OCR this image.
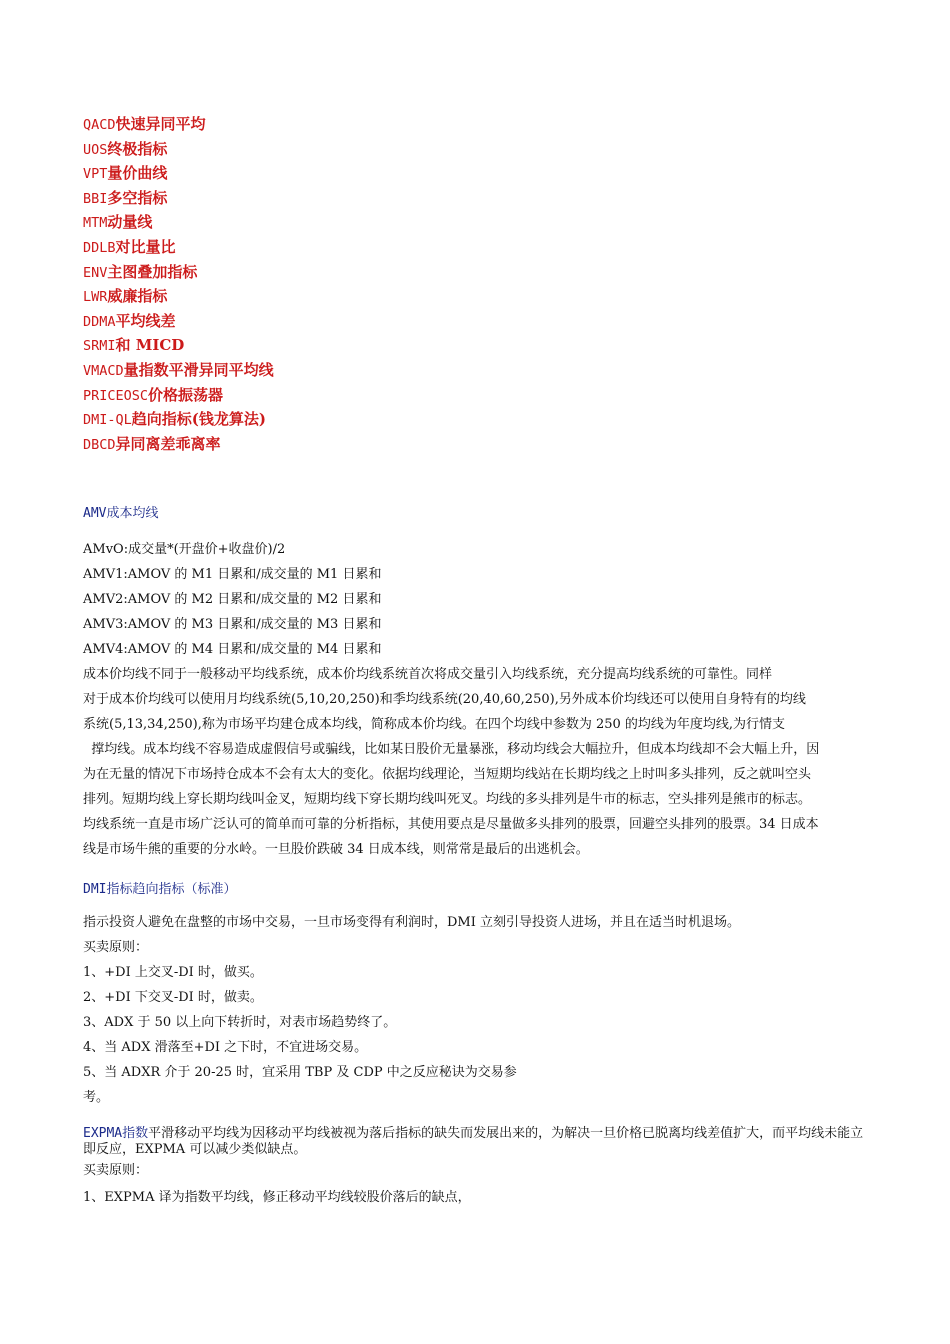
QACD快速异同平均
UOS终极指标
VPT量价曲线
BBI多空指标
MTM动量线
DDLB对比量比
ENV主图叠加指标
LWR威廉指标
DDMA平均线差
SRMI和 MICD
VMACD量指数平滑异同平均线
PRICEOSC价格振荡器
DMI-QL趋向指标(钱龙算法)
DBCD异同离差乖离率
AMV成本均线
AMvO:成交量*(开盘价+收盘价)/2
AMV1:AMOV 的 M1 日累和/成交量的 M1 日累和
AMV2:AMOV 的 M2 日累和/成交量的 M2 日累和
AMV3:AMOV 的 M3 日累和/成交量的 M3 日累和
AMV4:AMOV 的 M4 日累和/成交量的 M4 日累和
成本价均线不同于一般移动平均线系统，成本价均线系统首次将成交量引入均线系统，充分提高均线系统的可靠性。同样
对于成本价均线可以使用月均线系统(5,10,20,250)和季均线系统(20,40,60,250),另外成本价均线还可以使用自身特有的均线
系统(5,13,34,250),称为市场平均建仓成本均线，简称成本价均线。在四个均线中参数为 250 的均线为年度均线,为行情支
撑均线。成本均线不容易造成虚假信号或骗线，比如某日股价无量暴涨，移动均线会大幅拉升，但成本均线却不会大幅上升，因
为在无量的情况下市场持仓成本不会有太大的变化。依据均线理论，当短期均线站在长期均线之上时叫多头排列，反之就叫空头
排列。短期均线上穿长期均线叫金叉，短期均线下穿长期均线叫死叉。均线的多头排列是牛市的标志，空头排列是熊市的标志。
均线系统一直是市场广泛认可的简单而可靠的分析指标，其使用要点是尽量做多头排列的股票，回避空头排列的股票。34 日成本
线是市场牛熊的重要的分水岭。一旦股价跌破 34 日成本线，则常常是最后的出逃机会。
DMI指标趋向指标（标准）
指示投资人避免在盘整的市场中交易，一旦市场变得有利润时，DMI 立刻引导投资人进场，并且在适当时机退场。
买卖原则：
1、+DI 上交叉-DI 时，做买。
2、+DI 下交叉-DI 时，做卖。
3、ADX 于 50 以上向下转折时，对表市场趋势终了。
4、当 ADX 滑落至+DI 之下时，不宜进场交易。
5、当 ADXR 介于 20-25 时，宜采用 TBP 及 CDP 中之反应秘诀为交易参
考。
EXPMA指数平滑移动平均线为因移动平均线被视为落后指标的缺失而发展出来的，为解决一旦价格已脱离均线差值扩大，而平均线未能立即反应，EXPMA 可以减少类似缺点。
买卖原则：
1、EXPMA 译为指数平均线，修正移动平均线较股价落后的缺点，
